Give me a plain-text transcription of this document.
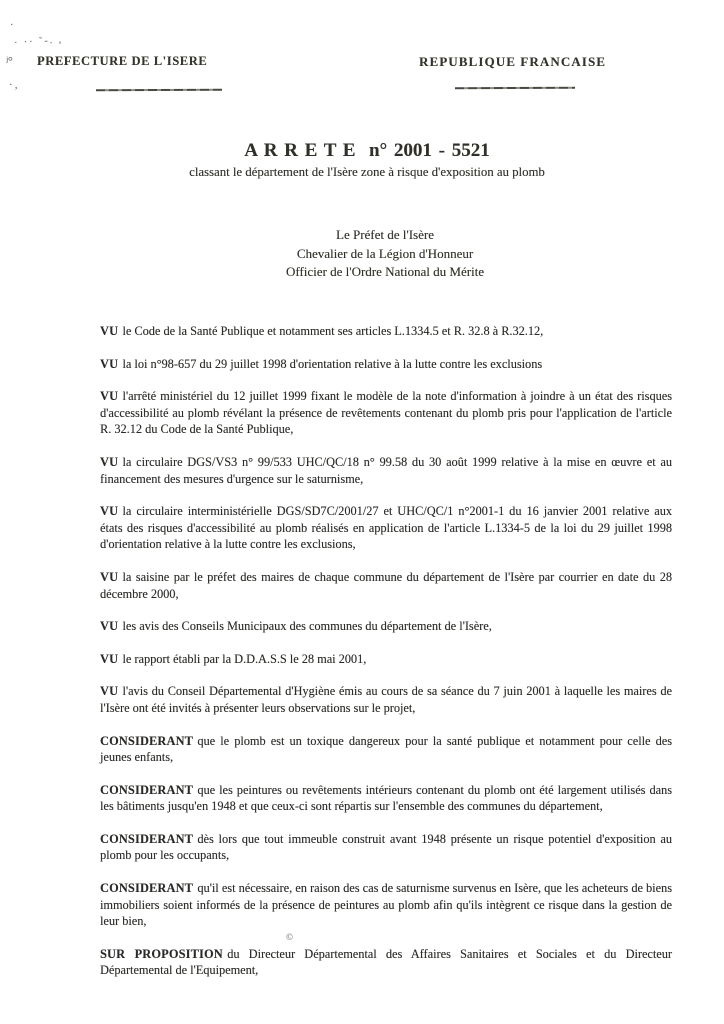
·
· ·· ˜-. ,
ʲ°
· ,
©
PREFECTURE DE L'ISERE	REPUBLIQUE FRANCAISE
A R R E T E  n° 2001 - 5521
classant le département de l'Isère zone à risque d'exposition au plomb
Le Préfet de l'Isère
Chevalier de la Légion d'Honneur
Officier de l'Ordre National du Mérite

VU le Code de la Santé Publique et notamment ses articles L.1334.5 et R. 32.8 à R.32.12,

VU la loi n°98-657 du 29 juillet 1998 d'orientation relative à la lutte contre les exclusions

VU l'arrêté ministériel du 12 juillet 1999 fixant le modèle de la note d'information à joindre à un état des risques d'accessibilité au plomb révélant la présence de revêtements contenant du plomb pris pour l'application de l'article R. 32.12 du Code de la Santé Publique,

VU la circulaire DGS/VS3 n° 99/533 UHC/QC/18 n° 99.58 du 30 août 1999 relative à la mise en œuvre et au financement des mesures d'urgence sur le saturnisme,

VU la circulaire interministérielle DGS/SD7C/2001/27 et UHC/QC/1 n°2001-1 du 16 janvier 2001 relative aux états des risques d'accessibilité au plomb réalisés en application de l'article L.1334-5 de la loi du 29 juillet 1998 d'orientation relative à la lutte contre les exclusions,

VU la saisine par le préfet des maires de chaque commune du département de l'Isère par courrier en date du 28 décembre 2000,

VU les avis des Conseils Municipaux des communes du département de l'Isère,

VU le rapport établi par la D.D.A.S.S le 28 mai 2001,

VU l'avis du Conseil Départemental d'Hygiène émis au cours de sa séance du 7 juin 2001 à laquelle les maires de l'Isère ont été invités à présenter leurs observations sur le projet,

CONSIDERANT que le plomb est un toxique dangereux pour la santé publique et notamment pour celle des jeunes enfants,

CONSIDERANT que les peintures ou revêtements intérieurs contenant du plomb ont été largement utilisés dans les bâtiments jusqu'en 1948 et que ceux-ci sont répartis sur l'ensemble des communes du département,

CONSIDERANT dès lors que tout immeuble construit avant 1948 présente un risque potentiel d'exposition au plomb pour les occupants,

CONSIDERANT qu'il est nécessaire, en raison des cas de saturnisme survenus en Isère, que les acheteurs de biens immobiliers soient informés de la présence de peintures au plomb afin qu'ils intègrent ce risque dans la gestion de leur bien,

SUR PROPOSITION du Directeur Départemental des Affaires Sanitaires et Sociales et du Directeur Départemental de l'Equipement,
